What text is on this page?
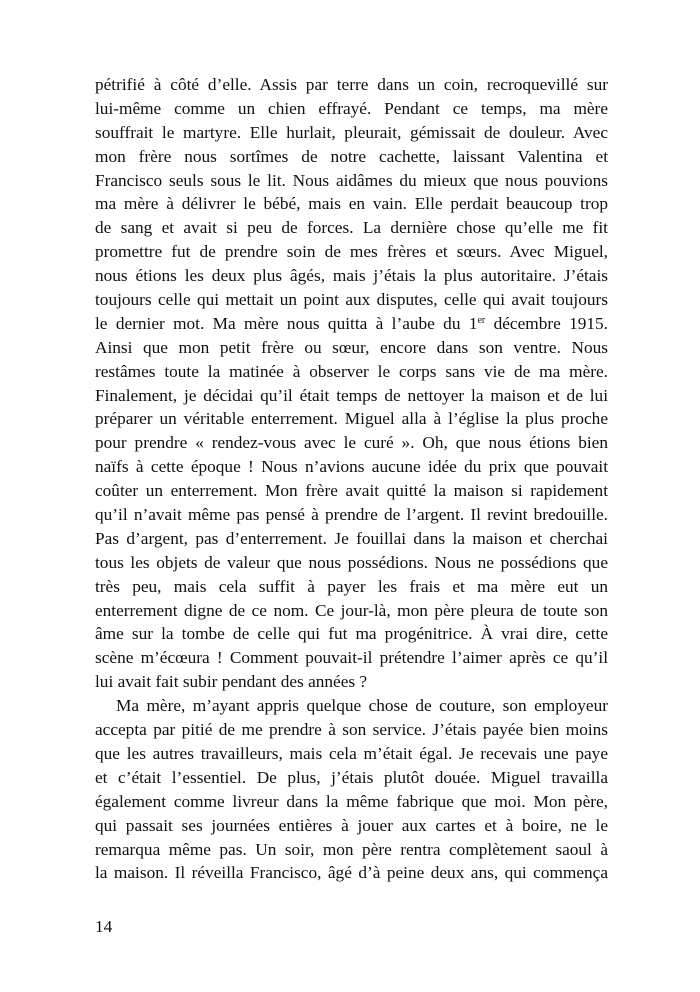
pétrifié à côté d’elle. Assis par terre dans un coin, recroquevillé sur
lui-même comme un chien effrayé. Pendant ce temps, ma mère
souffrait le martyre. Elle hurlait, pleurait, gémissait de douleur. Avec
mon frère nous sortîmes de notre cachette, laissant Valentina et
Francisco seuls sous le lit. Nous aidâmes du mieux que nous pouvions
ma mère à délivrer le bébé, mais en vain. Elle perdait beaucoup trop
de sang et avait si peu de forces. La dernière chose qu’elle me fit
promettre fut de prendre soin de mes frères et sœurs. Avec Miguel,
nous étions les deux plus âgés, mais j’étais la plus autoritaire. J’étais
toujours celle qui mettait un point aux disputes, celle qui avait toujours
le dernier mot. Ma mère nous quitta à l’aube du 1er décembre 1915.
Ainsi que mon petit frère ou sœur, encore dans son ventre. Nous
restâmes toute la matinée à observer le corps sans vie de ma mère.
Finalement, je décidai qu’il était temps de nettoyer la maison et de lui
préparer un véritable enterrement. Miguel alla à l’église la plus proche
pour prendre « rendez-vous avec le curé ». Oh, que nous étions bien
naïfs à cette époque ! Nous n’avions aucune idée du prix que pouvait
coûter un enterrement. Mon frère avait quitté la maison si rapidement
qu’il n’avait même pas pensé à prendre de l’argent. Il revint bredouille.
Pas d’argent, pas d’enterrement. Je fouillai dans la maison et cherchai
tous les objets de valeur que nous possédions. Nous ne possédions que
très peu, mais cela suffit à payer les frais et ma mère eut un
enterrement digne de ce nom. Ce jour-là, mon père pleura de toute son
âme sur la tombe de celle qui fut ma progénitrice. À vrai dire, cette
scène m’écœura ! Comment pouvait-il prétendre l’aimer après ce qu’il
lui avait fait subir pendant des années ?
Ma mère, m’ayant appris quelque chose de couture, son employeur
accepta par pitié de me prendre à son service. J’étais payée bien moins
que les autres travailleurs, mais cela m’était égal. Je recevais une paye
et c’était l’essentiel. De plus, j’étais plutôt douée. Miguel travailla
également comme livreur dans la même fabrique que moi. Mon père,
qui passait ses journées entières à jouer aux cartes et à boire, ne le
remarqua même pas. Un soir, mon père rentra complètement saoul à
la maison. Il réveilla Francisco, âgé d’à peine deux ans, qui commença
14
